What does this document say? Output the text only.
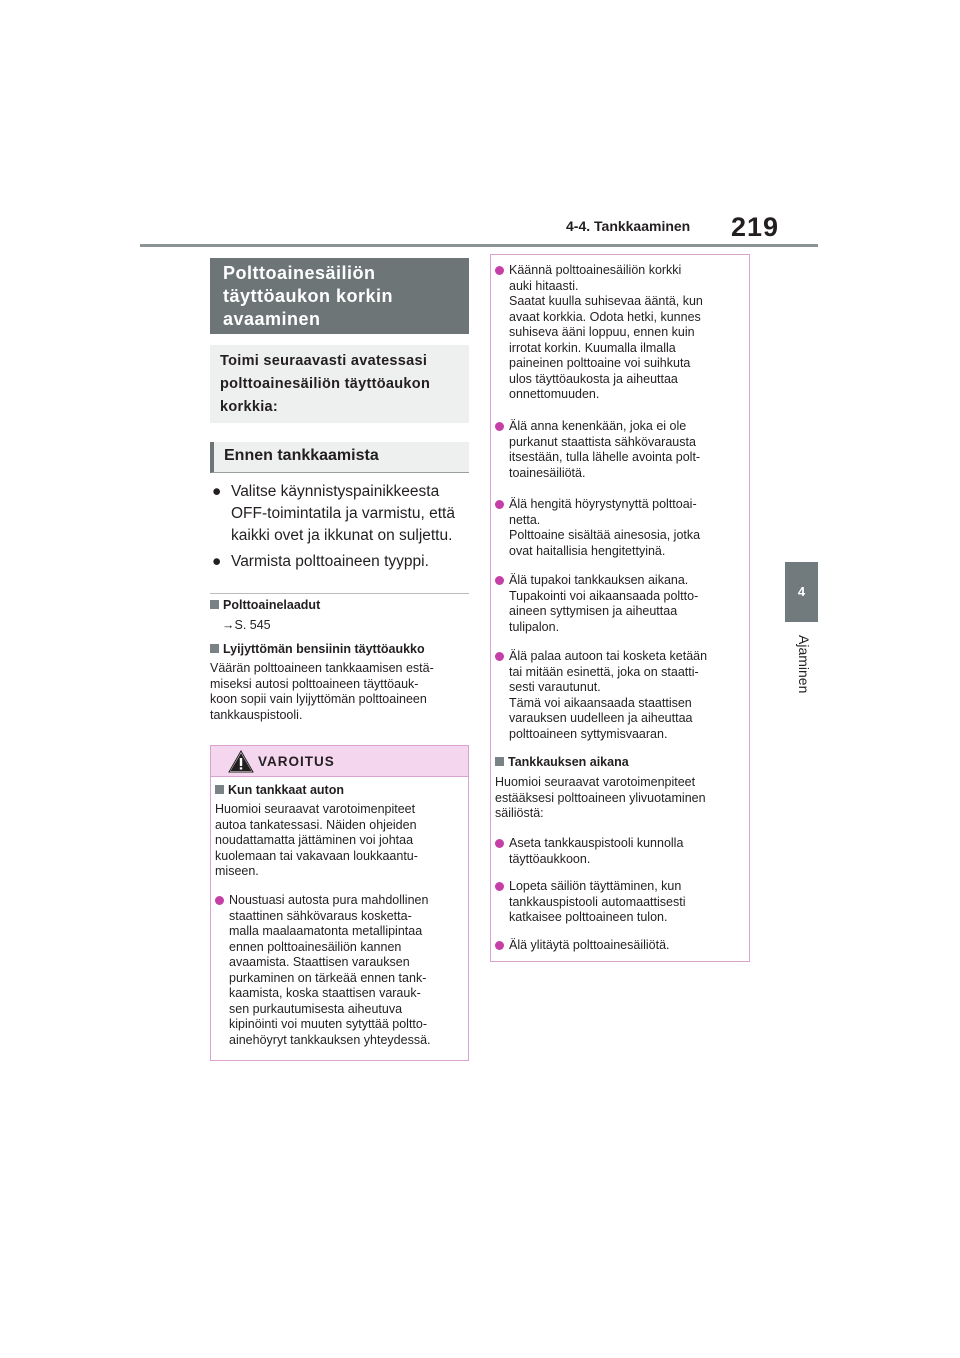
4-4. Tankkaaminen 219
4
Ajaminen
Polttoainesäiliön täyttöaukon korkin avaaminen
Toimi seuraavasti avatessasi polttoainesäiliön täyttöaukon korkkia:
Ennen tankkaamista
● Valitse käynnistyspainikkeesta OFF-toimintatila ja varmistu, että kaikki ovet ja ikkunat on suljettu.
● Varmista polttoaineen tyyppi.
Polttoainelaadut
→S. 545
Lyijyttömän bensiinin täyttöaukko
Väärän polttoaineen tankkaamisen estä-
miseksi autosi polttoaineen täyttöauk-
koon sopii vain lyijyttömän polttoaineen
tankkauspistooli.
VAROITUS
Kun tankkaat auton
Huomioi seuraavat varotoimenpiteet
autoa tankatessasi. Näiden ohjeiden
noudattamatta jättäminen voi johtaa
kuolemaan tai vakavaan loukkaantu-
miseen.
Noustuasi autosta pura mahdollinen
staattinen sähkövaraus kosketta-
malla maalaamatonta metallipintaa
ennen polttoainesäiliön kannen
avaamista. Staattisen varauksen
purkaminen on tärkeää ennen tank-
kaamista, koska staattisen varauk-
sen purkautumisesta aiheutuva
kipinöinti voi muuten sytyttää poltto-
ainehöyryt tankkauksen yhteydessä.
Käännä polttoainesäiliön korkki
auki hitaasti.
Saatat kuulla suhisevaa ääntä, kun
avaat korkkia. Odota hetki, kunnes
suhiseva ääni loppuu, ennen kuin
irrotat korkin. Kuumalla ilmalla
paineinen polttoaine voi suihkuta
ulos täyttöaukosta ja aiheuttaa
onnettomuuden.
Älä anna kenenkään, joka ei ole
purkanut staattista sähkövarausta
itsestään, tulla lähelle avointa polt-
toainesäiliötä.
Älä hengitä höyrystynyttä polttoai-
netta.
Polttoaine sisältää ainesosia, jotka
ovat haitallisia hengitettyinä.
Älä tupakoi tankkauksen aikana.
Tupakointi voi aikaansaada poltto-
aineen syttymisen ja aiheuttaa
tulipalon.
Älä palaa autoon tai kosketa ketään
tai mitään esinettä, joka on staatti-
sesti varautunut.
Tämä voi aikaansaada staattisen
varauksen uudelleen ja aiheuttaa
polttoaineen syttymisvaaran.
Tankkauksen aikana
Huomioi seuraavat varotoimenpiteet
estääksesi polttoaineen ylivuotaminen
säiliöstä:
Aseta tankkauspistooli kunnolla
täyttöaukkoon.
Lopeta säiliön täyttäminen, kun
tankkauspistooli automaattisesti
katkaisee polttoaineen tulon.
Älä ylitäytä polttoainesäiliötä.
